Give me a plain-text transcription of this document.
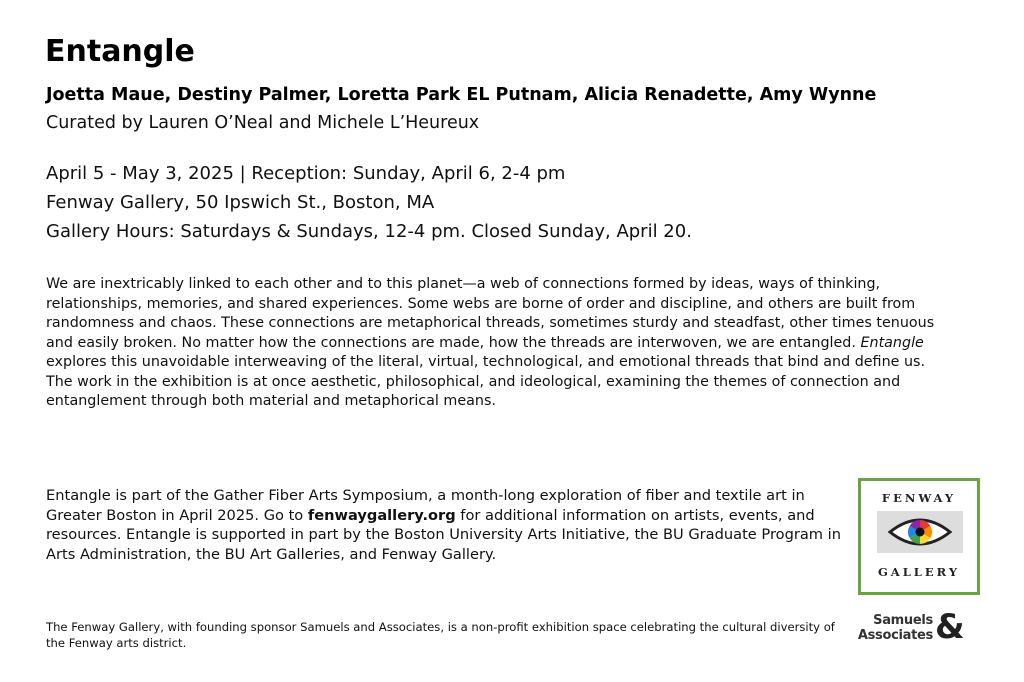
Entangle
Joetta Maue, Destiny Palmer, Loretta Park EL Putnam, Alicia Renadette, Amy Wynne
Curated by Lauren O’Neal and Michele L’Heureux
April 5 - May 3, 2025 | Reception: Sunday, April 6, 2-4 pm
Fenway Gallery, 50 Ipswich St., Boston, MA
Gallery Hours: Saturdays & Sundays, 12-4 pm. Closed Sunday, April 20.
We are inextricably linked to each other and to this planet—a web of connections formed by ideas, ways of thinking, relationships, memories, and shared experiences. Some webs are borne of order and discipline, and others are built from randomness and chaos. These connections are metaphorical threads, sometimes sturdy and steadfast, other times tenuous and easily broken. No matter how the connections are made, how the threads are interwoven, we are entangled. Entangle explores this unavoidable interweaving of the literal, virtual, technological, and emotional threads that bind and define us. The work in the exhibition is at once aesthetic, philosophical, and ideological, examining the themes of connection and entanglement through both material and metaphorical means.
Entangle is part of the Gather Fiber Arts Symposium, a month-long exploration of fiber and textile art in Greater Boston in April 2025. Go to fenwaygallery.org for additional information on artists, events, and resources. Entangle is supported in part by the Boston University Arts Initiative, the BU Graduate Program in Arts Administration, the BU Art Galleries, and Fenway Gallery.
The Fenway Gallery, with founding sponsor Samuels and Associates, is a non-profit exhibition space celebrating the cultural diversity of the Fenway arts district.
FENWAY
GALLERY
Samuels
Associates &
